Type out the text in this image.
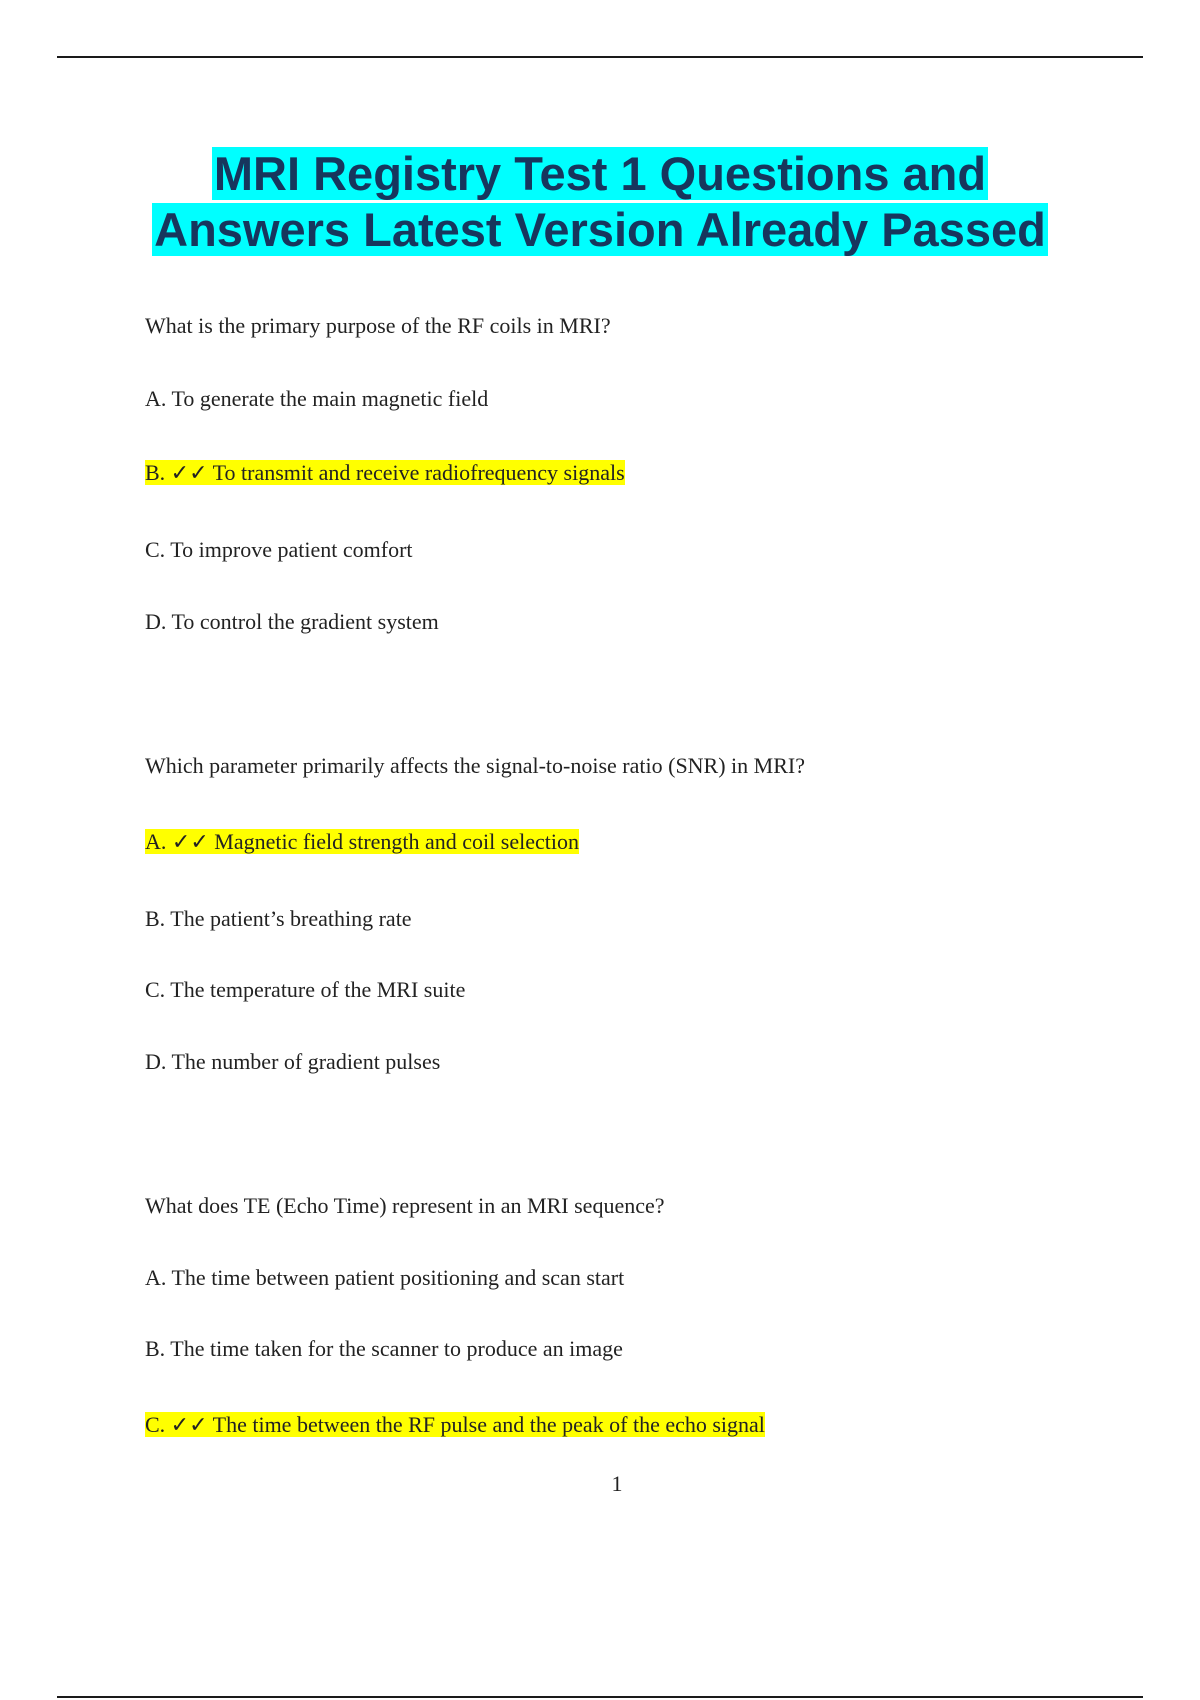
MRI Registry Test 1 Questions and
Answers Latest Version Already Passed
What is the primary purpose of the RF coils in MRI?
A. To generate the main magnetic field
B. ✓✓ To transmit and receive radiofrequency signals
C. To improve patient comfort
D. To control the gradient system
Which parameter primarily affects the signal-to-noise ratio (SNR) in MRI?
A. ✓✓ Magnetic field strength and coil selection
B. The patient’s breathing rate
C. The temperature of the MRI suite
D. The number of gradient pulses
What does TE (Echo Time) represent in an MRI sequence?
A. The time between patient positioning and scan start
B. The time taken for the scanner to produce an image
C. ✓✓ The time between the RF pulse and the peak of the echo signal
1
